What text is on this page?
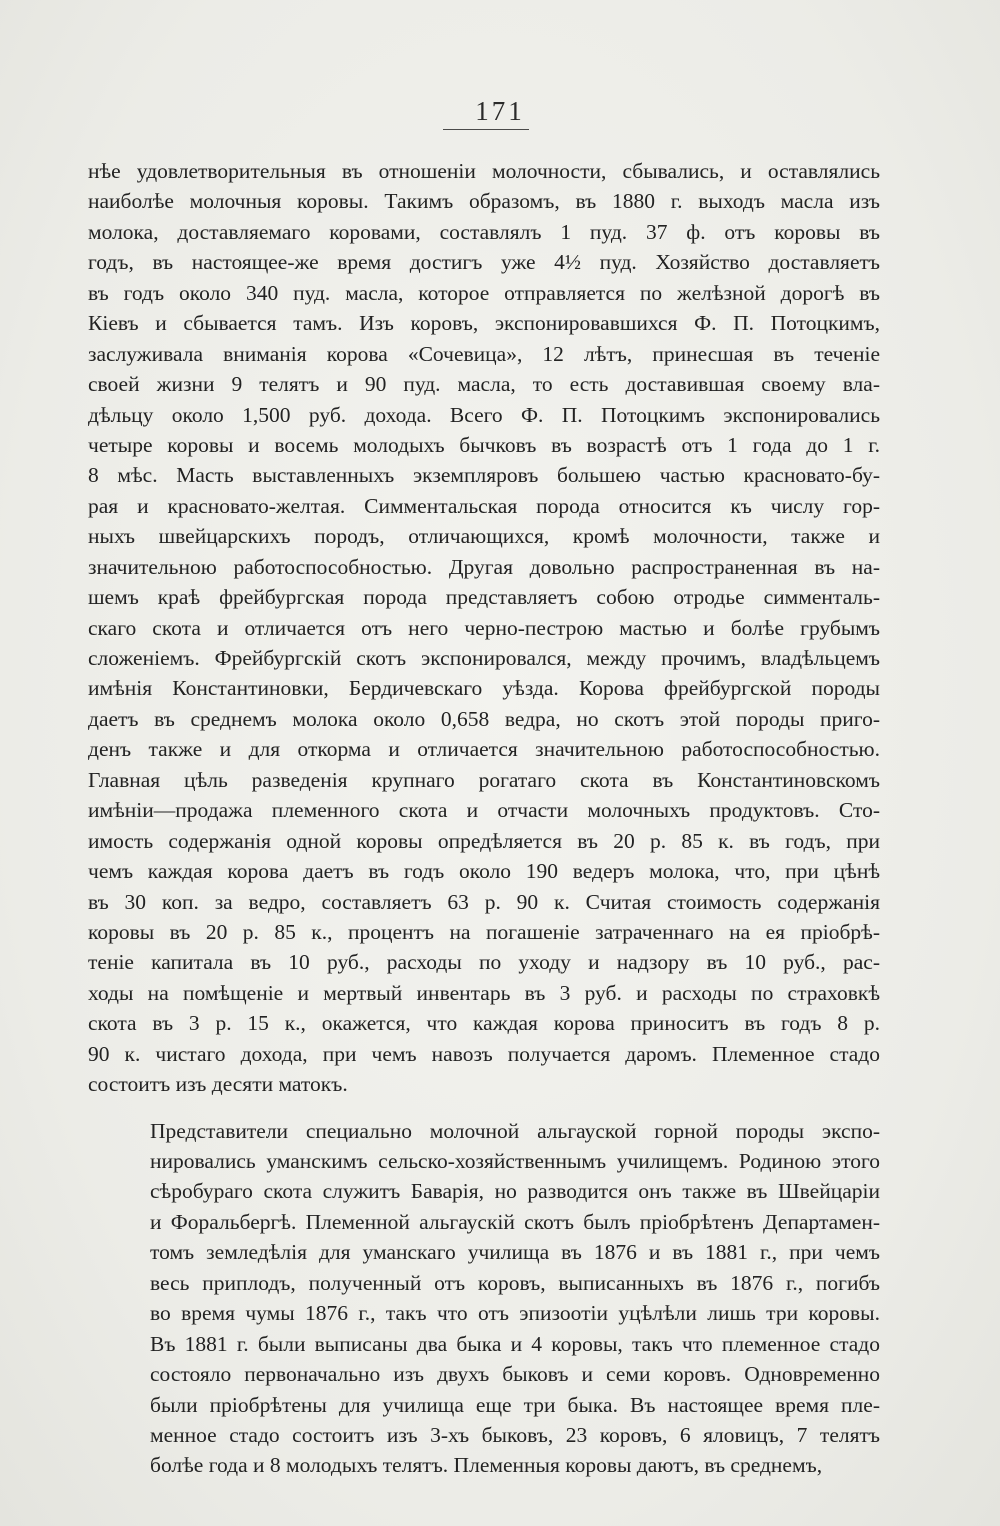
171
нѣе удовлетворительныя въ отношенiи молочности, сбывались, и оставлялись
наиболѣе молочныя коровы. Такимъ образомъ, въ 1880 г. выходъ масла изъ
молока, доставляемаго коровами, составлялъ 1 пуд. 37 ф. отъ коровы въ
годъ, въ настоящее-же время достигъ уже 4½ пуд. Хозяйство доставляетъ
въ годъ около 340 пуд. масла, которое отправляется по желѣзной дорогѣ въ
Кiевъ и сбывается тамъ. Изъ коровъ, экспонировавшихся Ф. П. Потоцкимъ,
заслуживала вниманiя корова «Сочевица», 12 лѣтъ, принесшая въ теченiе
своей жизни 9 телятъ и 90 пуд. масла, то есть доставившая своему вла-
дѣльцу около 1,500 руб. дохода. Всего Ф. П. Потоцкимъ экспонировались
четыре коровы и восемь молодыхъ бычковъ въ возрастѣ отъ 1 года до 1 г.
8 мѣс. Масть выставленныхъ экземпляровъ большею частью красновато-бу-
рая и красновато-желтая. Симментальская порода относится къ числу гор-
ныхъ швейцарскихъ породъ, отличающихся, кромѣ молочности, также и
значительною работоспособностью. Другая довольно распространенная въ на-
шемъ краѣ фрейбургская порода представляетъ собою отродье симменталь-
скаго скота и отличается отъ него черно-пестрою мастью и болѣе грубымъ
сложенiемъ. Фрейбургскiй скотъ экспонировался, между прочимъ, владѣльцемъ
имѣнiя Константиновки, Бердичевскаго уѣзда. Корова фрейбургской породы
даетъ въ среднемъ молока около 0,658 ведра, но скотъ этой породы приго-
денъ также и для откорма и отличается значительною работоспособностью.
Главная цѣль разведенiя крупнаго рогатаго скота въ Константиновскомъ
имѣнiи—продажа племенного скота и отчасти молочныхъ продуктовъ. Сто-
имость содержанiя одной коровы опредѣляется въ 20 р. 85 к. въ годъ, при
чемъ каждая корова даетъ въ годъ около 190 ведеръ молока, что, при цѣнѣ
въ 30 коп. за ведро, составляетъ 63 р. 90 к. Считая стоимость содержанiя
коровы въ 20 р. 85 к., процентъ на погашенiе затраченнаго на ея прiобрѣ-
тенiе капитала въ 10 руб., расходы по уходу и надзору въ 10 руб., рас-
ходы на помѣщенiе и мертвый инвентарь въ 3 руб. и расходы по страховкѣ
скота въ 3 р. 15 к., окажется, что каждая корова приноситъ въ годъ 8 р.
90 к. чистаго дохода, при чемъ навозъ получается даромъ. Племенное стадо
состоитъ изъ десяти матокъ.
Представители специально молочной альгауской горной породы экспо-
нировались уманскимъ сельско-хозяйственнымъ училищемъ. Родиною этого
сѣробураго скота служитъ Баварiя, но разводится онъ также въ Швейцарiи
и Форальбергѣ. Племенной альгаускiй скотъ былъ прiобрѣтенъ Департамен-
томъ земледѣлiя для уманскаго училища въ 1876 и въ 1881 г., при чемъ
весь приплодъ, полученный отъ коровъ, выписанныхъ въ 1876 г., погибъ
во время чумы 1876 г., такъ что отъ эпизоотiи уцѣлѣли лишь три коровы.
Въ 1881 г. были выписаны два быка и 4 коровы, такъ что племенное стадо
состояло первоначально изъ двухъ быковъ и семи коровъ. Одновременно
были прiобрѣтены для училища еще три быка. Въ настоящее время пле-
менное стадо состоитъ изъ 3-хъ быковъ, 23 коровъ, 6 яловицъ, 7 телятъ
болѣе года и 8 молодыхъ телятъ. Племенныя коровы даютъ, въ среднемъ,
